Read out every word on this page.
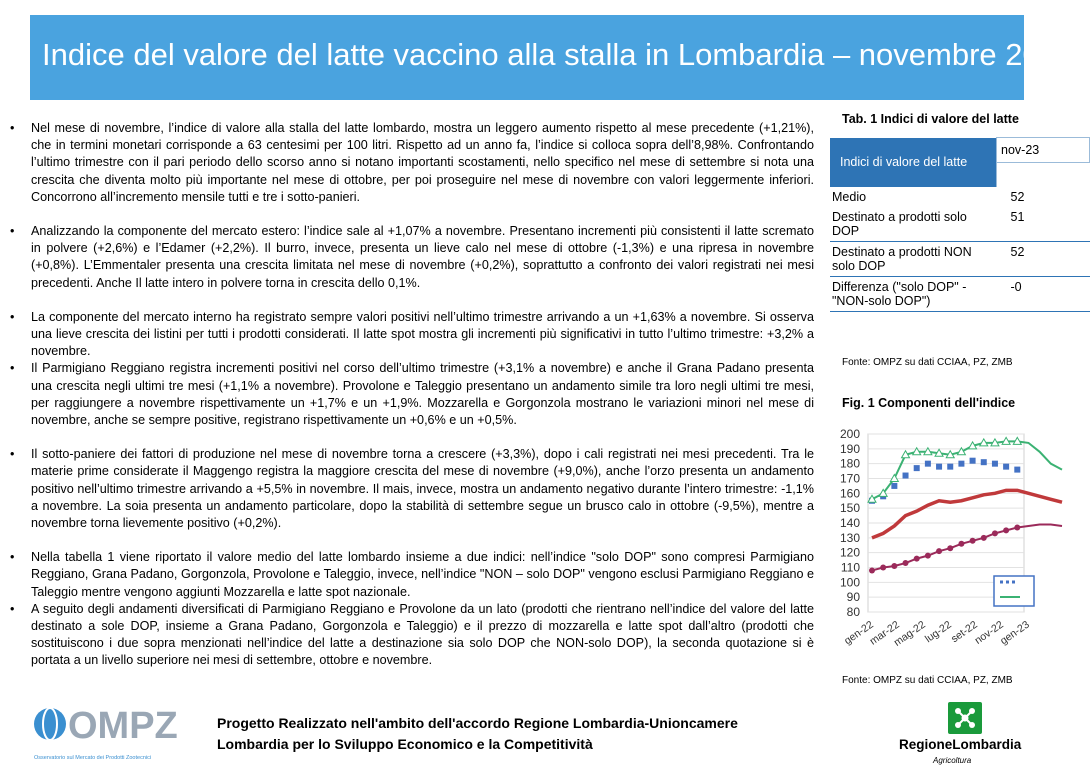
Indice del valore del latte vaccino alla stalla in Lombardia – novembre 2023
• Nel mese di novembre, l’indice di valore alla stalla del latte lombardo, mostra un leggero aumento rispetto al mese precedente (+1,21%), che in termini monetari corrisponde a 63 centesimi per 100 litri. Rispetto ad un anno fa, l’indice si colloca sopra dell’8,98%. Confrontando l’ultimo trimestre con il pari periodo dello scorso anno si notano importanti scostamenti, nello specifico nel mese di settembre si nota una crescita che diventa molto più importante nel mese di ottobre, per poi proseguire nel mese di novembre con valori leggermente inferiori. Concorrono all’incremento mensile tutti e tre i sotto-panieri.
• Analizzando la componente del mercato estero: l’indice sale al +1,07% a novembre. Presentano incrementi più consistenti il latte scremato in polvere (+2,6%) e l’Edamer (+2,2%). Il burro, invece, presenta un lieve calo nel mese di ottobre (-1,3%) e una ripresa in novembre (+0,8%). L’Emmentaler presenta una crescita limitata nel mese di novembre (+0,2%), soprattutto a confronto dei valori registrati nei mesi precedenti. Anche Il latte intero in polvere torna in crescita dello 0,1%.
• La componente del mercato interno ha registrato sempre valori positivi nell’ultimo trimestre arrivando a un +1,63% a novembre. Si osserva una lieve crescita dei listini per tutti i prodotti considerati. Il latte spot mostra gli incrementi più significativi in tutto l’ultimo trimestre: +3,2% a novembre.
• Il Parmigiano Reggiano registra incrementi positivi nel corso dell’ultimo trimestre (+3,1% a novembre) e anche il Grana Padano presenta una crescita negli ultimi tre mesi (+1,1% a novembre). Provolone e Taleggio presentano un andamento simile tra loro negli ultimi tre mesi, per raggiungere a novembre rispettivamente un +1,7% e un +1,9%. Mozzarella e Gorgonzola mostrano le variazioni minori nel mese di novembre, anche se sempre positive, registrano rispettivamente un +0,6% e un +0,5%.
• Il sotto-paniere dei fattori di produzione nel mese di novembre torna a crescere (+3,3%), dopo i cali registrati nei mesi precedenti. Tra le materie prime considerate il Maggengo registra la maggiore crescita del mese di novembre (+9,0%), anche l’orzo presenta un andamento positivo nell’ultimo trimestre arrivando a +5,5% in novembre. Il mais, invece, mostra un andamento negativo durante l’intero trimestre: -1,1% a novembre. La soia presenta un andamento particolare, dopo la stabilità di settembre segue un brusco calo in ottobre (-9,5%), mentre a novembre torna lievemente positivo (+0,2%).
• Nella tabella 1 viene riportato il valore medio del latte lombardo insieme a due indici: nell’indice "solo DOP" sono compresi Parmigiano Reggiano, Grana Padano, Gorgonzola, Provolone e Taleggio, invece, nell’indice "NON – solo DOP" vengono esclusi Parmigiano Reggiano e Taleggio mentre vengono aggiunti Mozzarella e latte spot nazionale.
• A seguito degli andamenti diversificati di Parmigiano Reggiano e Provolone da un lato (prodotti che rientrano nell’indice del valore del latte destinato a sole DOP, insieme a Grana Padano, Gorgonzola e Taleggio) e il prezzo di mozzarella e latte spot dall’altro (prodotti che sostituiscono i due sopra menzionati nell’indice del latte a destinazione sia solo DOP che NON-solo DOP), la seconda quotazione si è portata a un livello superiore nei mesi di settembre, ottobre e novembre.
Tab. 1 Indici di valore del latte
Indici di valore del latte	nov-23

Medio	52
Destinato a prodotti solo DOP	51
Destinato a prodotti NON solo DOP	52
Differenza ("solo DOP" - "NON-solo DOP")	-0
Fonte: OMPZ su dati CCIAA, PZ, ZMB
Fig. 1 Componenti dell'indice
80
90
100
110
120
130
140
150
160
170
180
190
200
gen-22
mar-22
mag-22
lug-22
set-22
nov-22
gen-23
Fonte: OMPZ su dati CCIAA, PZ, ZMB
OMPZ
Osservatorio sul Mercato dei Prodotti Zootecnici
Progetto Realizzato nell'ambito dell'accordo Regione Lombardia-Unioncamere
Lombardia per lo Sviluppo Economico e la Competitività	RegioneLombardia
Agricoltura
